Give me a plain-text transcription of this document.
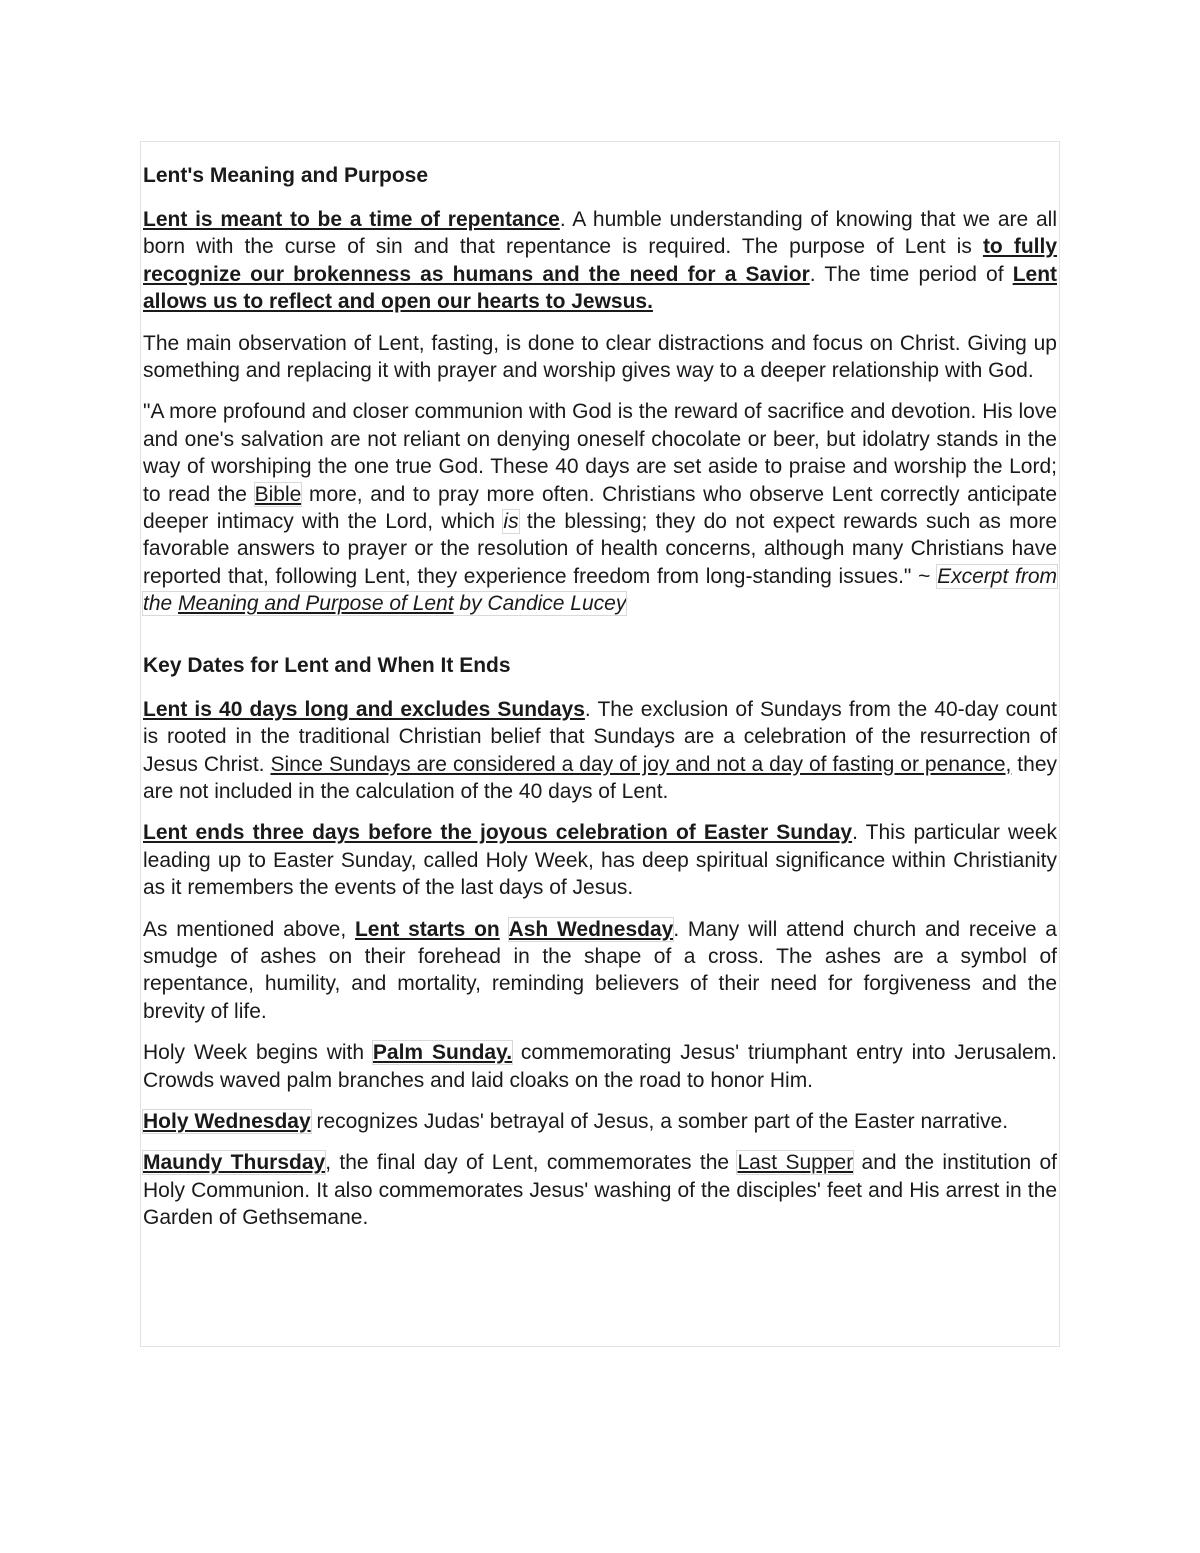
Lent's Meaning and Purpose

Lent is meant to be a time of repentance. A humble understanding of knowing that we are all born with the curse of sin and that repentance is required. The purpose of Lent is to fully recognize our brokenness as humans and the need for a Savior. The time period of Lent allows us to reflect and open our hearts to Jewsus.

The main observation of Lent, fasting, is done to clear distractions and focus on Christ. Giving up something and replacing it with prayer and worship gives way to a deeper relationship with God.

"A more profound and closer communion with God is the reward of sacrifice and devotion. His love and one's salvation are not reliant on denying oneself chocolate or beer, but idolatry stands in the way of worshiping the one true God. These 40 days are set aside to praise and worship the Lord; to read the Bible more, and to pray more often. Christians who observe Lent correctly anticipate deeper intimacy with the Lord, which is the blessing; they do not expect rewards such as more favorable answers to prayer or the resolution of health concerns, although many Christians have reported that, following Lent, they experience freedom from long-standing issues." ~ Excerpt from the Meaning and Purpose of Lent by Candice Lucey

Key Dates for Lent and When It Ends

Lent is 40 days long and excludes Sundays. The exclusion of Sundays from the 40-day count is rooted in the traditional Christian belief that Sundays are a celebration of the resurrection of Jesus Christ. Since Sundays are considered a day of joy and not a day of fasting or penance, they are not included in the calculation of the 40 days of Lent.

Lent ends three days before the joyous celebration of Easter Sunday. This particular week leading up to Easter Sunday, called Holy Week, has deep spiritual significance within Christianity as it remembers the events of the last days of Jesus.

As mentioned above, Lent starts on Ash Wednesday. Many will attend church and receive a smudge of ashes on their forehead in the shape of a cross. The ashes are a symbol of repentance, humility, and mortality, reminding believers of their need for forgiveness and the brevity of life.

Holy Week begins with Palm Sunday. commemorating Jesus' triumphant entry into Jerusalem. Crowds waved palm branches and laid cloaks on the road to honor Him.

Holy Wednesday recognizes Judas' betrayal of Jesus, a somber part of the Easter narrative.

Maundy Thursday, the final day of Lent, commemorates the Last Supper and the institution of Holy Communion. It also commemorates Jesus' washing of the disciples' feet and His arrest in the Garden of Gethsemane.
